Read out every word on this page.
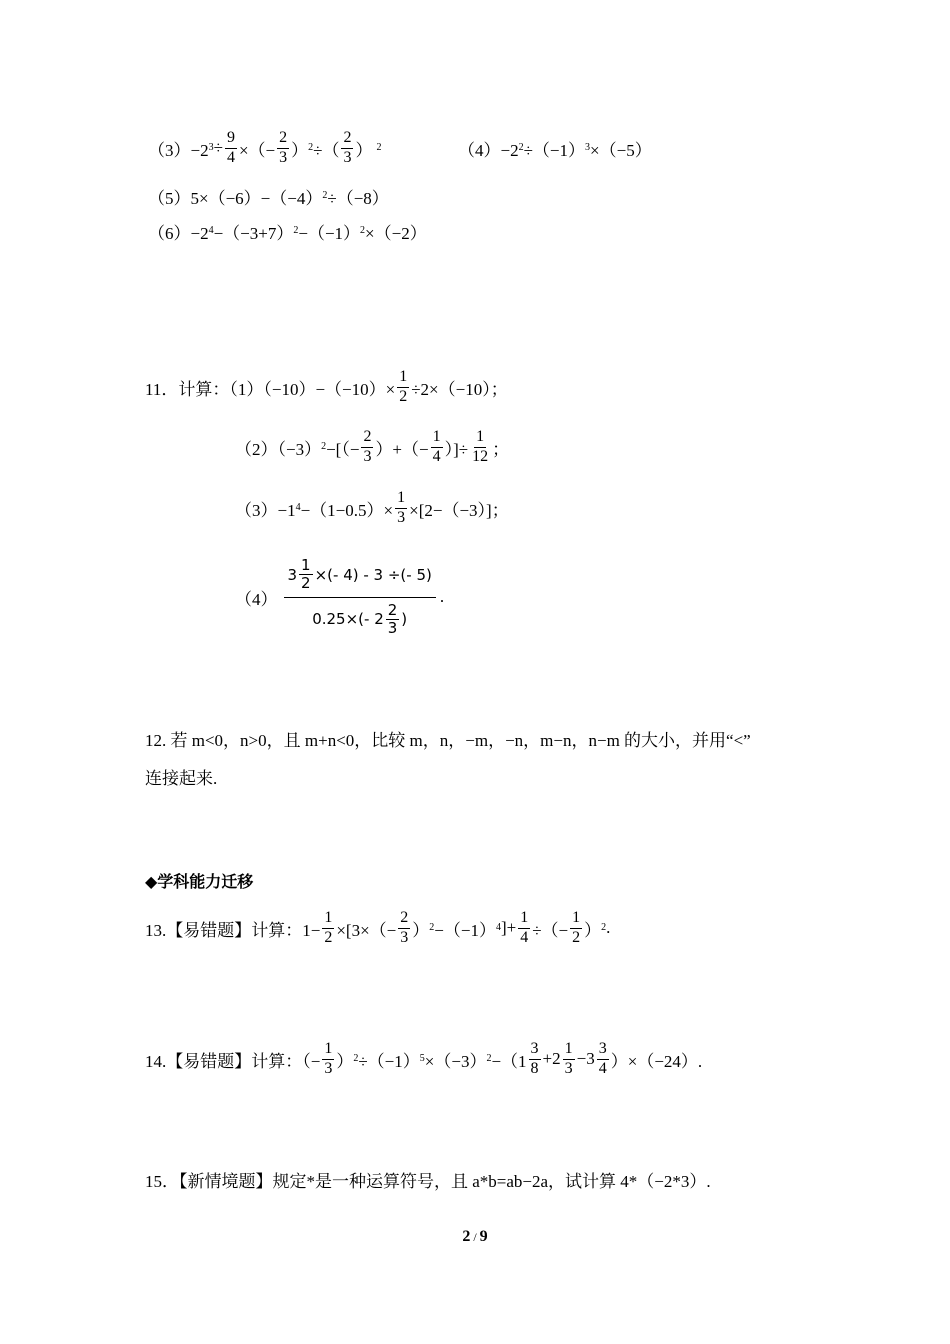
（3）−2 $3 \div \frac{9}{4}$ ×（− $\frac{2}{3}$ ） 2 ÷（ $\frac{2}{3}$ ） 2	（4）−2 2 ÷（−1） 3 ×（−5）
（5）5×（−6）−（−4） 2 ÷（−8）
（6）−2 4 −（−3+7） 2 −（−1） 2 ×（−2）
11．计算：$(1)(-10)-(-10)\times \frac{1}{2} \div 2\times(-10)$；
（2）（−3） 2 −[（− $\frac{2}{3}$ ）+（− $\frac{1}{4}$ ）]÷ $\frac{1}{12}$ ；
（3）−1 $4 -(1-0.5)\times \frac{1}{3} \times[2-(-3)]$；
$(4) \frac{3 \frac{1}{2} \times(- 4) - 3 \div(- 5)}{0.25\times(- 2 \frac{2}{3} )}$ .
12. 若 m<0，n>0，且 m+n<0，比较 m，n，−m，−n，m−n，n−m 的大小，并用“<”
连接起来.
◆学科能力迁移
13.【易错题】计算：$1- \frac{1}{2} \times[3\times(- \frac{2}{3}$ ） 2 −（−1） 4 ]+ $\frac{1}{4}$ ÷（− $\frac{1}{2}$ ） 2 .
14.【易错题】计算：（− $\frac{1}{3}$ ） 2 ÷（−1） 5 ×（−3） $2 -(1 \frac{3}{8} +2 \frac{1}{3} -3 \frac{3}{4} )\times(-24)$.
15．【新情境题】规定*是一种运算符号，且 a*b=ab−2a，试计算 4*（−2*3）.
2 / 9
